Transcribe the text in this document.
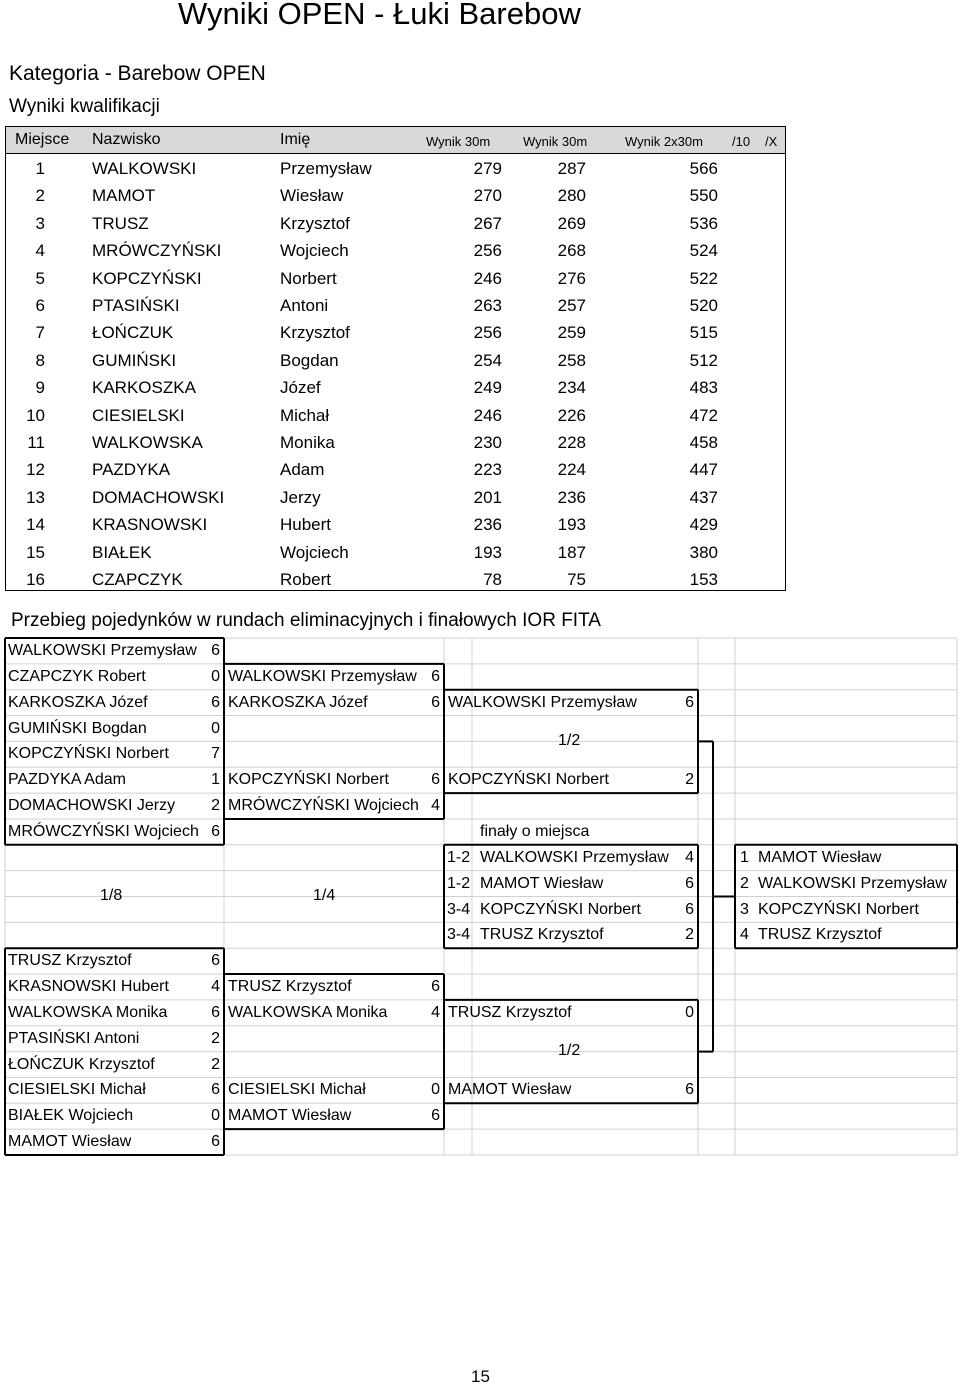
Wyniki OPEN - Łuki Barebow
Kategoria - Barebow OPEN
Wyniki kwalifikacji
Miejsce Nazwisko	Imię	Wynik 30m	Wynik 30m	Wynik 2x30m /10 /X
1	WALKOWSKI	Przemysław	279	287	566
2	MAMOT	Wiesław	270	280	550
3	TRUSZ	Krzysztof	267	269	536
4	MRÓWCZYŃSKI	Wojciech	256	268	524
5	KOPCZYŃSKI	Norbert	246	276	522
6	PTASIŃSKI	Antoni	263	257	520
7	ŁOŃCZUK	Krzysztof	256	259	515
8	GUMIŃSKI	Bogdan	254	258	512
9	KARKOSZKA	Józef	249	234	483
10	CIESIELSKI	Michał	246	226	472
11	WALKOWSKA	Monika	230	228	458
12	PAZDYKA	Adam	223	224	447
13	DOMACHOWSKI	Jerzy	201	236	437
14	KRASNOWSKI	Hubert	236	193	429
15	BIAŁEK	Wojciech	193	187	380
16	CZAPCZYK	Robert	78	75	153
Przebieg pojedynków w rundach eliminacyjnych i finałowych IOR FITA
WALKOWSKI Przemysław 6
CZAPCZYK Robert	0
KARKOSZKA Józef	6
GUMIŃSKI Bogdan	0
KOPCZYŃSKI Norbert	7
PAZDYKA Adam	1
DOMACHOWSKI Jerzy	2
MRÓWCZYŃSKI Wojciech 6
TRUSZ Krzysztof	6
KRASNOWSKI Hubert	4
WALKOWSKA Monika	6
PTASIŃSKI Antoni	2
ŁOŃCZUK Krzysztof	2
CIESIELSKI Michał	6
BIAŁEK Wojciech	0
MAMOT Wiesław	6
WALKOWSKI Przemysław 6
KARKOSZKA Józef	6
KOPCZYŃSKI Norbert	6
MRÓWCZYŃSKI Wojciech 4
TRUSZ Krzysztof	6
WALKOWSKA Monika	4
CIESIELSKI Michał	0
MAMOT Wiesław	6
WALKOWSKI Przemysław	6
KOPCZYŃSKI Norbert	2
TRUSZ Krzysztof	0
MAMOT Wiesław	6
1-2 WALKOWSKI Przemysław	4	1 MAMOT Wiesław
1-2 MAMOT Wiesław	6	2 WALKOWSKI Przemysław
3-4 KOPCZYŃSKI Norbert	6	3 KOPCZYŃSKI Norbert
3-4 TRUSZ Krzysztof	2	4 TRUSZ Krzysztof
finały o miejsca
1/8	1/4
1/2
1/2
15
